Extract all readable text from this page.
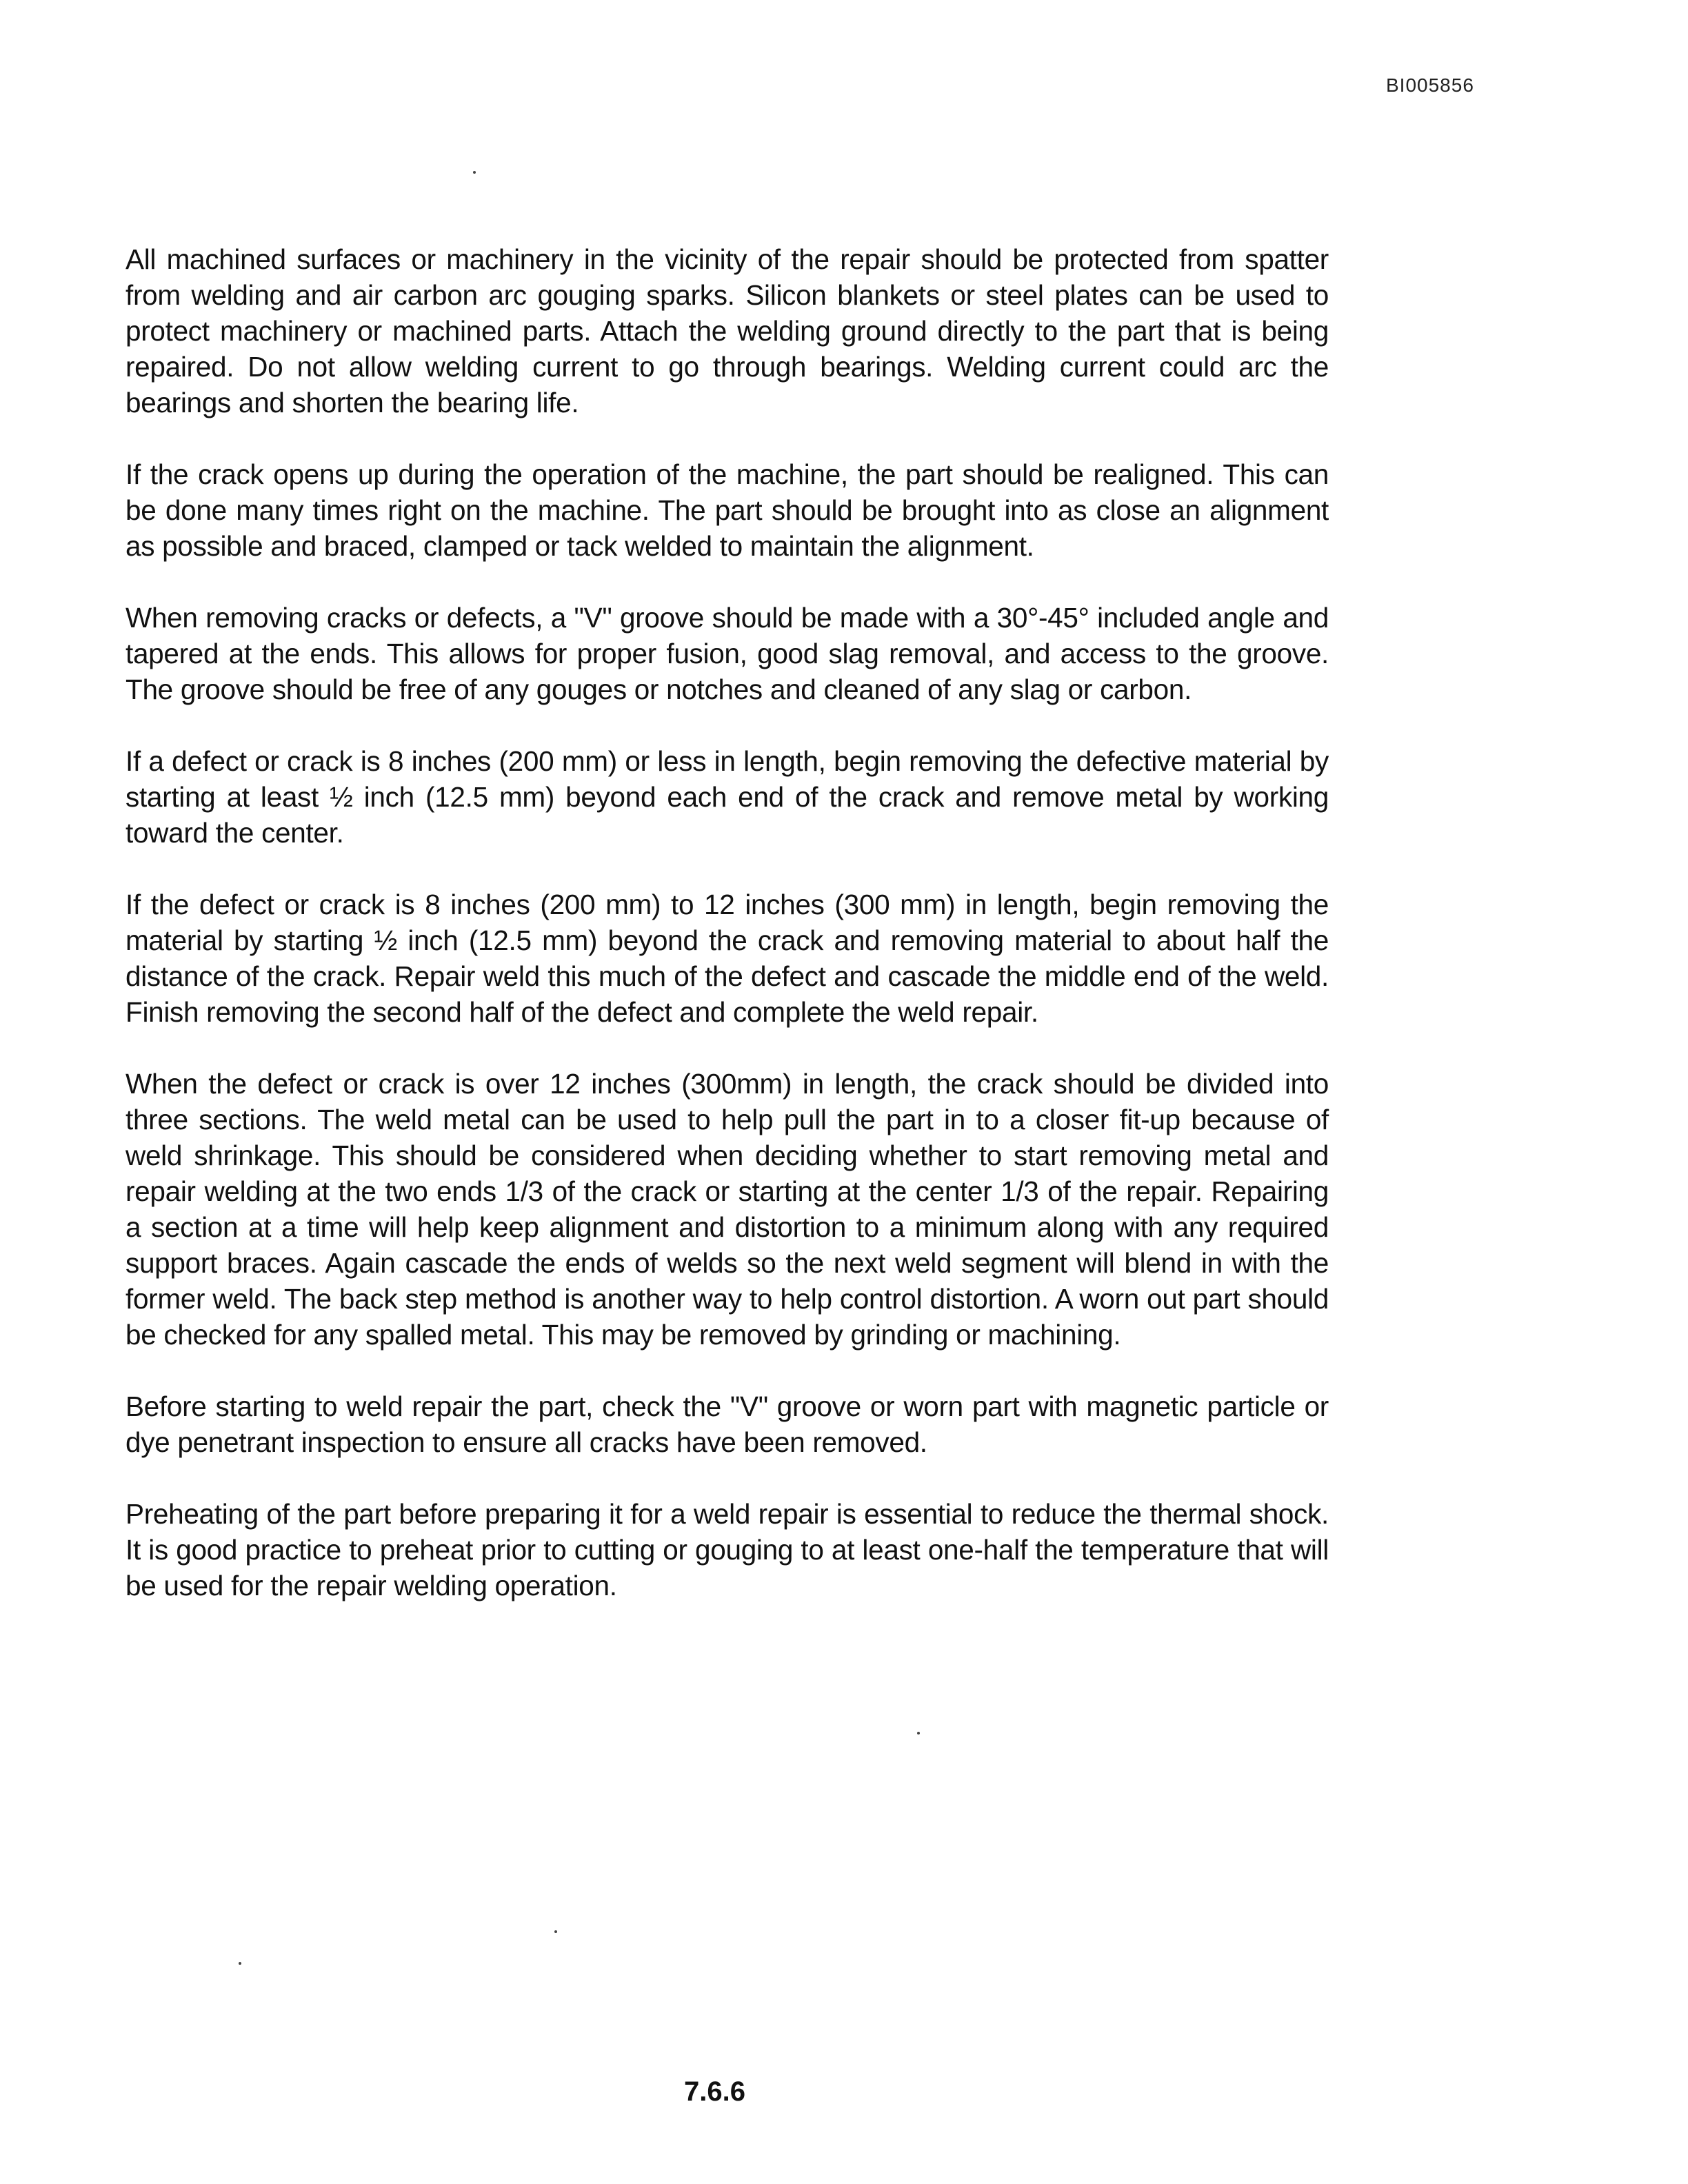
BI005856

All machined surfaces or machinery in the vicinity of the repair should be protected from spatter from welding and air carbon arc gouging sparks. Silicon blankets or steel plates can be used to protect machinery or machined parts. Attach the welding ground directly to the part that is being repaired. Do not allow welding current to go through bearings. Welding current could arc the bearings and shorten the bearing life.

If the crack opens up during the operation of the machine, the part should be realigned. This can be done many times right on the machine. The part should be brought into as close an alignment as possible and braced, clamped or tack welded to maintain the alignment.

When removing cracks or defects, a "V" groove should be made with a 30°-45° included angle and tapered at the ends. This allows for proper fusion, good slag removal, and access to the groove. The groove should be free of any gouges or notches and cleaned of any slag or carbon.

If a defect or crack is 8 inches (200 mm) or less in length, begin removing the defective material by starting at least ½ inch (12.5 mm) beyond each end of the crack and remove metal by working toward the center.

If the defect or crack is 8 inches (200 mm) to 12 inches (300 mm) in length, begin removing the material by starting ½ inch (12.5 mm) beyond the crack and removing material to about half the distance of the crack. Repair weld this much of the defect and cascade the middle end of the weld. Finish removing the second half of the defect and complete the weld repair.

When the defect or crack is over 12 inches (300mm) in length, the crack should be divided into three sections. The weld metal can be used to help pull the part in to a closer fit-up because of weld shrinkage. This should be considered when deciding whether to start removing metal and repair welding at the two ends 1/3 of the crack or starting at the center 1/3 of the repair. Repairing a section at a time will help keep alignment and distortion to a minimum along with any required support braces. Again cascade the ends of welds so the next weld segment will blend in with the former weld. The back step method is another way to help control distortion. A worn out part should be checked for any spalled metal. This may be removed by grinding or machining.

Before starting to weld repair the part, check the "V" groove or worn part with magnetic particle or dye penetrant inspection to ensure all cracks have been removed.

Preheating of the part before preparing it for a weld repair is essential to reduce the thermal shock. It is good practice to preheat prior to cutting or gouging to at least one-half the temperature that will be used for the repair welding operation.

7.6.6
